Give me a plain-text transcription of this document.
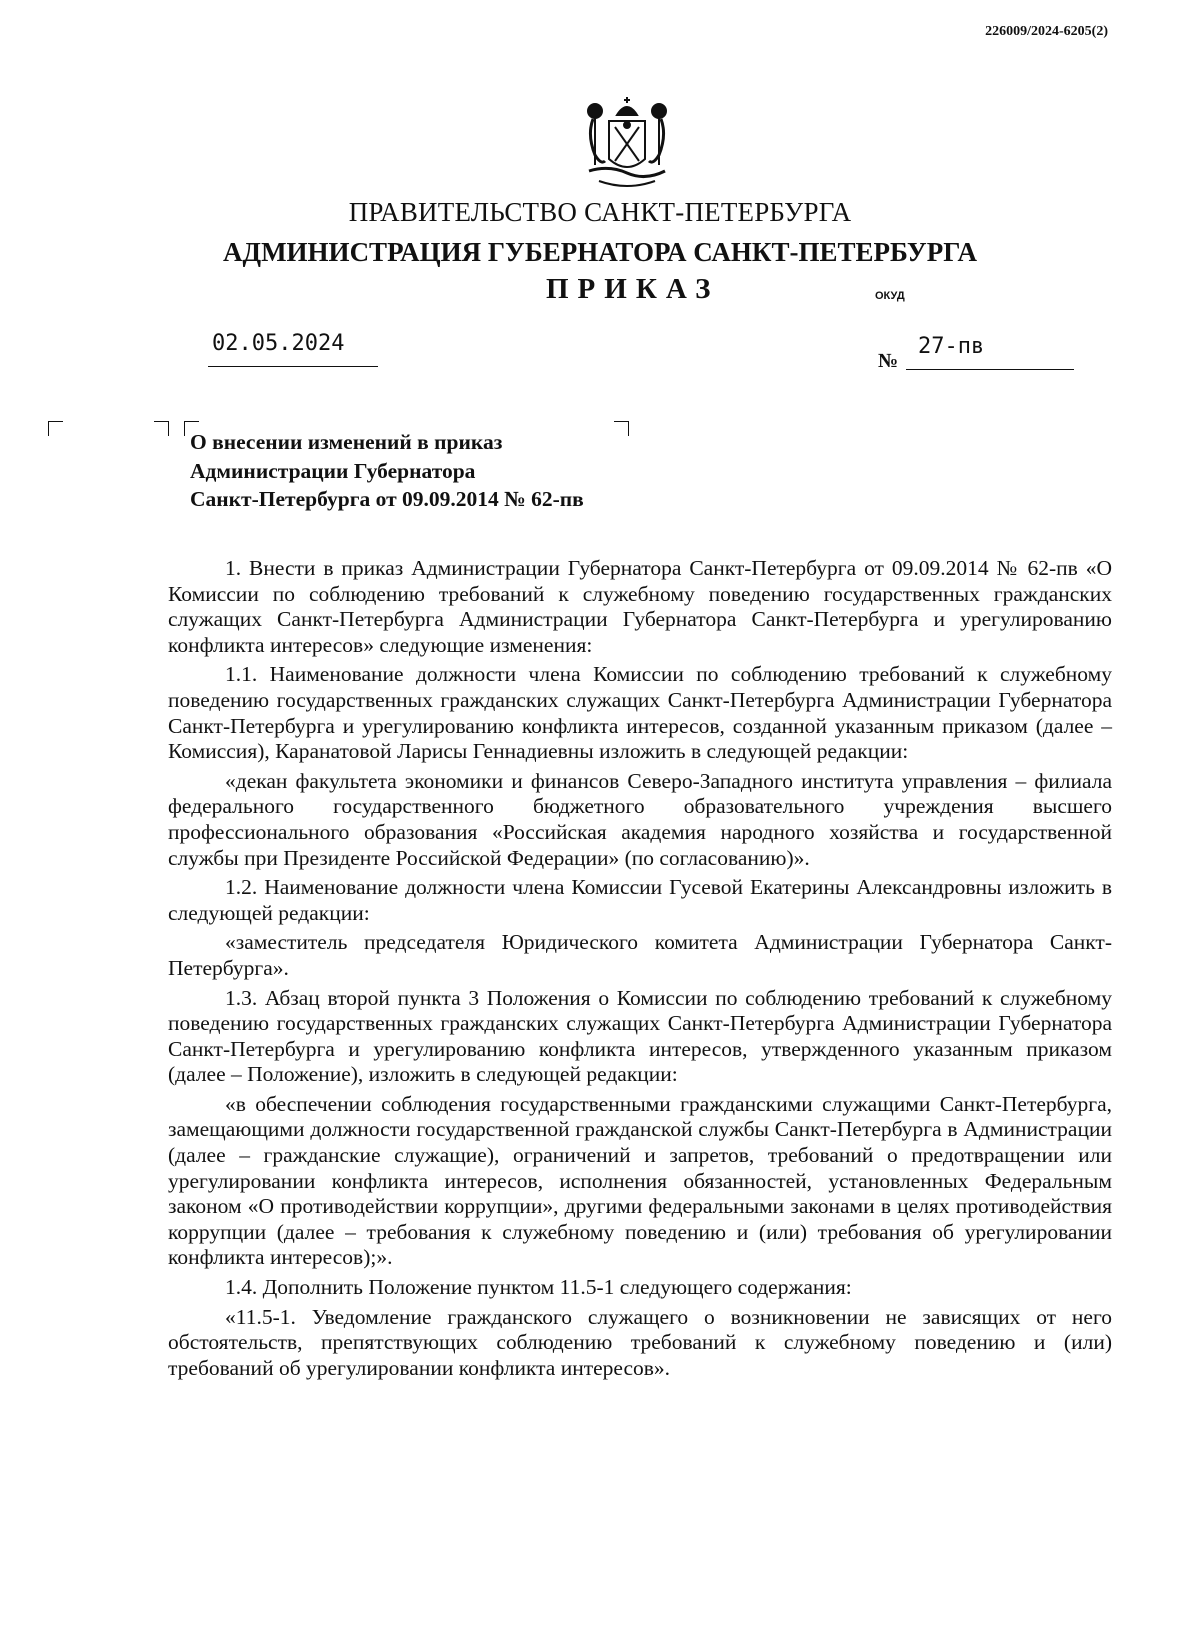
226009/2024-6205(2)
ПРАВИТЕЛЬСТВО САНКТ-ПЕТЕРБУРГА
АДМИНИСТРАЦИЯ ГУБЕРНАТОРА САНКТ-ПЕТЕРБУРГА
ПРИКАЗ	ОКУД
02.05.2024
№
27-пв
О внесении изменений в приказ
Администрации Губернатора
Санкт-Петербурга от 09.09.2014 № 62-пв

1. Внести в приказ Администрации Губернатора Санкт-Петербурга от 09.09.2014 № 62-пв «О Комиссии по соблюдению требований к служебному поведению государственных гражданских служащих Санкт-Петербурга Администрации Губернатора Санкт-Петербурга и урегулированию конфликта интересов» следующие изменения:

1.1. Наименование должности члена Комиссии по соблюдению требований к служебному поведению государственных гражданских служащих Санкт-Петербурга Администрации Губернатора Санкт-Петербурга и урегулированию конфликта интересов, созданной указанным приказом (далее – Комиссия), Каранатовой Ларисы Геннадиевны изложить в следующей редакции:

«декан факультета экономики и финансов Северо-Западного института управления – филиала федерального государственного бюджетного образовательного учреждения высшего профессионального образования «Российская академия народного хозяйства и государственной службы при Президенте Российской Федерации» (по согласованию)».

1.2. Наименование должности члена Комиссии Гусевой Екатерины Александровны изложить в следующей редакции:

«заместитель председателя Юридического комитета Администрации Губернатора Санкт-Петербурга».

1.3. Абзац второй пункта 3 Положения о Комиссии по соблюдению требований к служебному поведению государственных гражданских служащих Санкт-Петербурга Администрации Губернатора Санкт-Петербурга и урегулированию конфликта интересов, утвержденного указанным приказом (далее – Положение), изложить в следующей редакции:

«в обеспечении соблюдения государственными гражданскими служащими Санкт-Петербурга, замещающими должности государственной гражданской службы Санкт-Петербурга в Администрации (далее – гражданские служащие), ограничений и запретов, требований о предотвращении или урегулировании конфликта интересов, исполнения обязанностей, установленных Федеральным законом «О противодействии коррупции», другими федеральными законами в целях противодействия коррупции (далее – требования к служебному поведению и (или) требования об урегулировании конфликта интересов);».

1.4. Дополнить Положение пунктом 11.5-1 следующего содержания:

«11.5-1. Уведомление гражданского служащего о возникновении не зависящих от него обстоятельств, препятствующих соблюдению требований к служебному поведению и (или) требований об урегулировании конфликта интересов».
